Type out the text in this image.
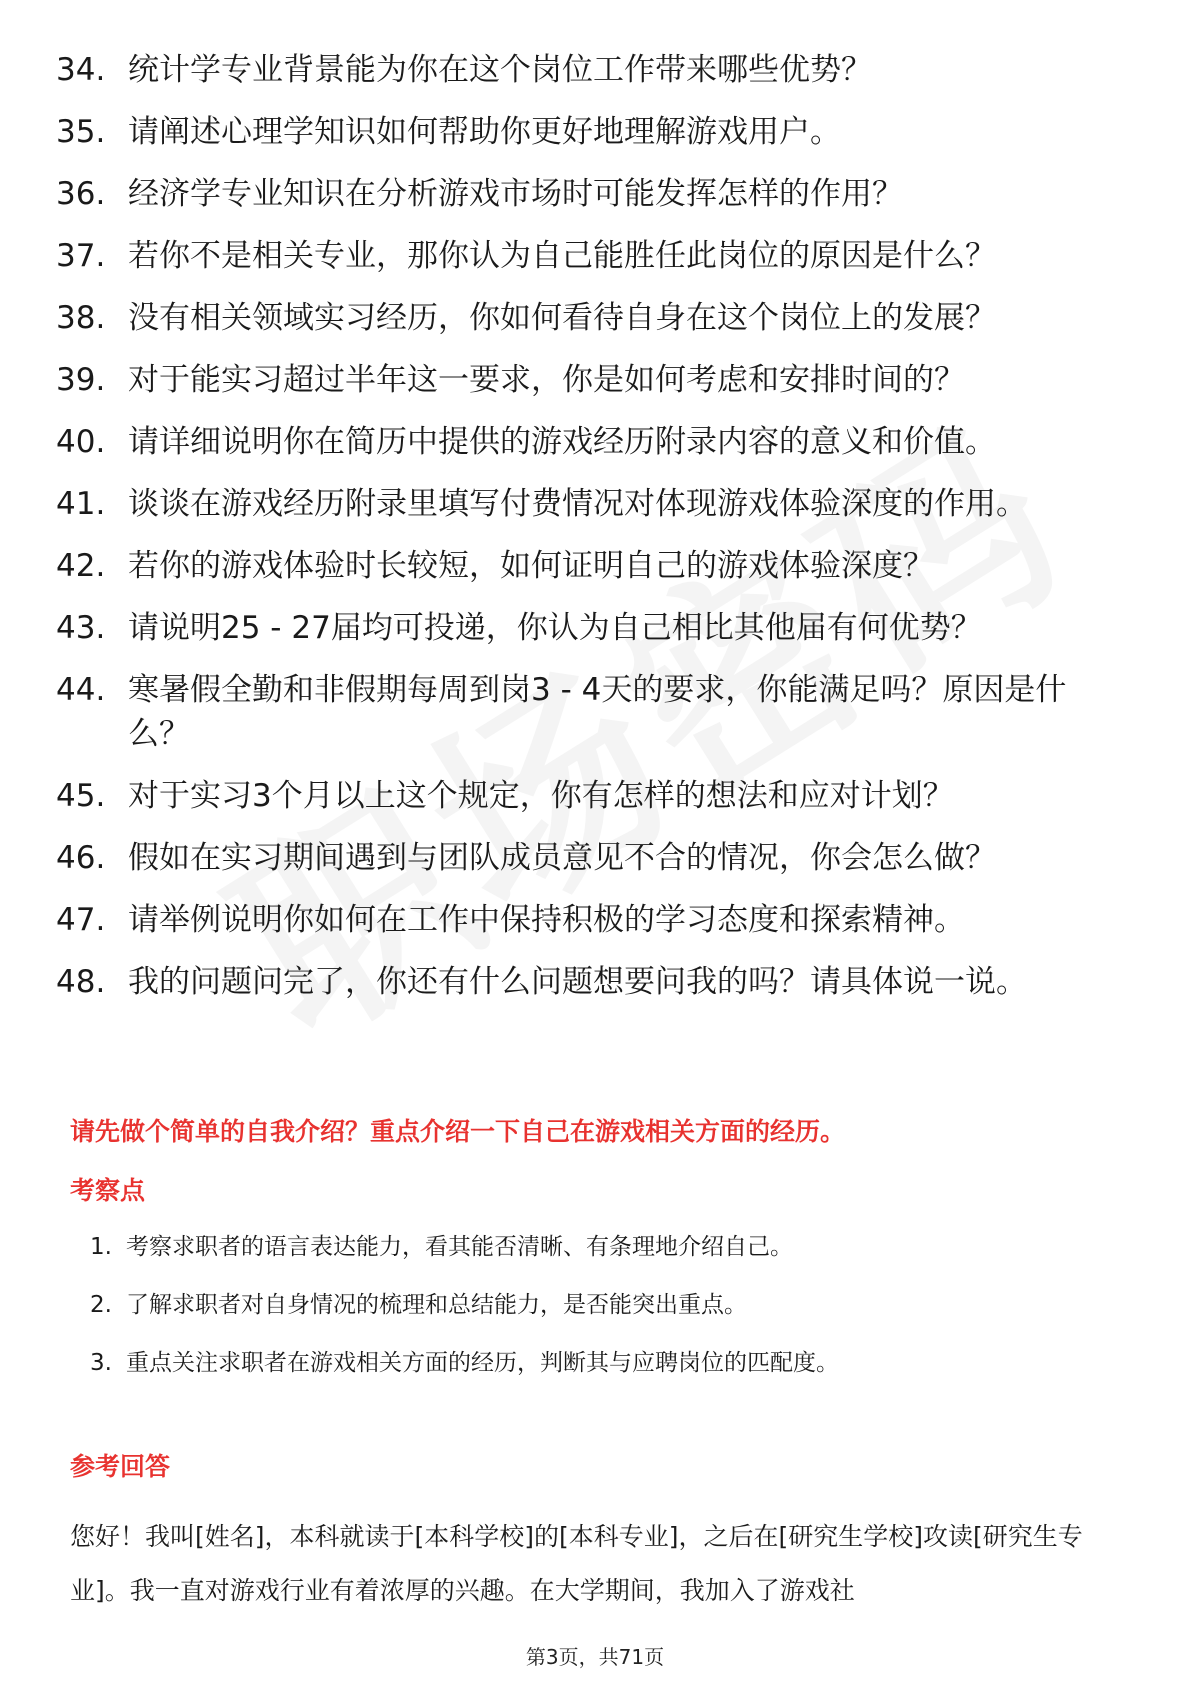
34. 统计学专业背景能为你在这个岗位工作带来哪些优势？
35. 请阐述心理学知识如何帮助你更好地理解游戏用户。
36. 经济学专业知识在分析游戏市场时可能发挥怎样的作用？
37. 若你不是相关专业，那你认为自己能胜任此岗位的原因是什么？
38. 没有相关领域实习经历，你如何看待自身在这个岗位上的发展？
39. 对于能实习超过半年这一要求，你是如何考虑和安排时间的？
40. 请详细说明你在简历中提供的游戏经历附录内容的意义和价值。
41. 谈谈在游戏经历附录里填写付费情况对体现游戏体验深度的作用。
42. 若你的游戏体验时长较短，如何证明自己的游戏体验深度？
43. 请说明25 - 27届均可投递，你认为自己相比其他届有何优势？
44. 寒暑假全勤和非假期每周到岗3 - 4天的要求，你能满足吗？原因是什么？
45. 对于实习3个月以上这个规定，你有怎样的想法和应对计划？
46. 假如在实习期间遇到与团队成员意见不合的情况，你会怎么做？
47. 请举例说明你如何在工作中保持积极的学习态度和探索精神。
48. 我的问题问完了，你还有什么问题想要问我的吗？请具体说一说。
请先做个简单的自我介绍？重点介绍一下自己在游戏相关方面的经历。
考察点
1. 考察求职者的语言表达能力，看其能否清晰、有条理地介绍自己。
2. 了解求职者对自身情况的梳理和总结能力，是否能突出重点。
3. 重点关注求职者在游戏相关方面的经历，判断其与应聘岗位的匹配度。
参考回答
您好！我叫[姓名]，本科就读于[本科学校]的[本科专业]，之后在[研究生学校]攻读[研究生专业]。我一直对游戏行业有着浓厚的兴趣。在大学期间，我加入了游戏社
第3页，共71页
